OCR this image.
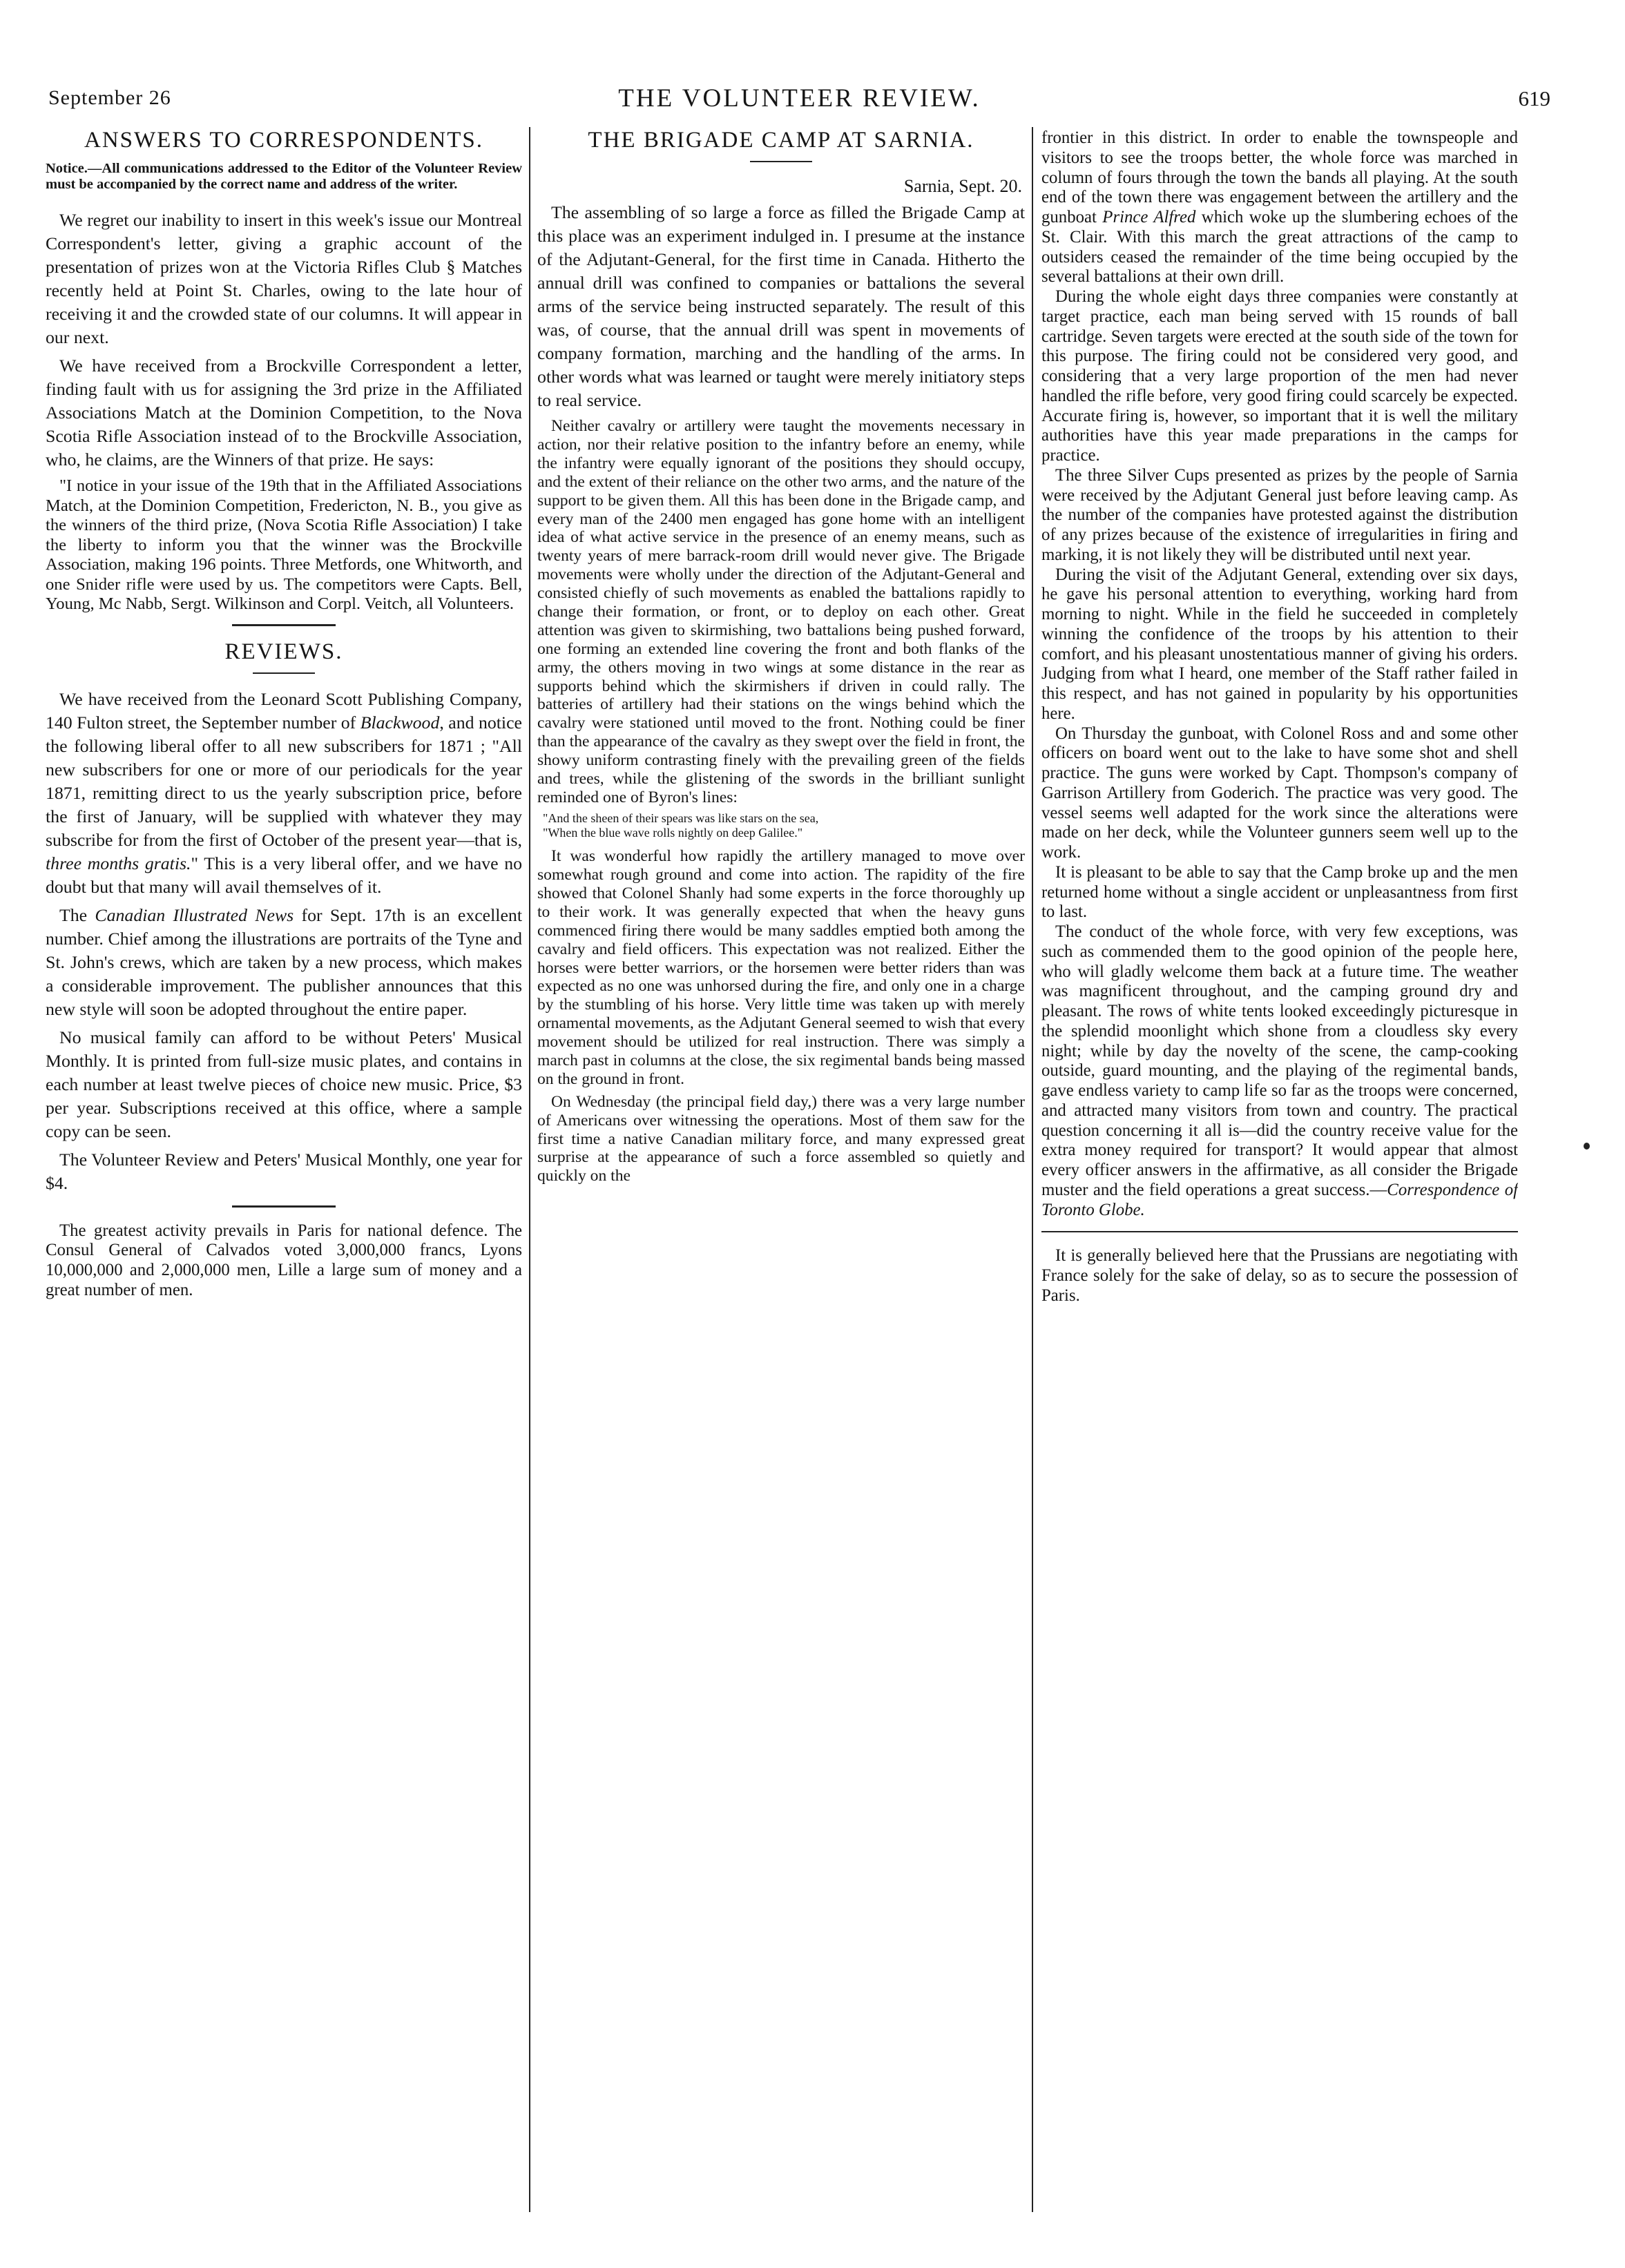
September 26	THE VOLUNTEER REVIEW.	619
ANSWERS TO CORRESPONDENTS.

Notice.—All communications addressed to the Editor of the Volunteer Review must be accompanied by the correct name and address of the writer.

We regret our inability to insert in this week's issue our Montreal Correspondent's letter, giving a graphic account of the presentation of prizes won at the Victoria Rifles Club § Matches recently held at Point St. Charles, owing to the late hour of receiving it and the crowded state of our columns. It will appear in our next.

We have received from a Brockville Correspondent a letter, finding fault with us for assigning the 3rd prize in the Affiliated Associations Match at the Dominion Competition, to the Nova Scotia Rifle Association instead of to the Brockville Association, who, he claims, are the Winners of that prize. He says:

"I notice in your issue of the 19th that in the Affiliated Associations Match, at the Dominion Competition, Fredericton, N. B., you give as the winners of the third prize, (Nova Scotia Rifle Association) I take the liberty to inform you that the winner was the Brockville Association, making 196 points. Three Metfords, one Whitworth, and one Snider rifle were used by us. The competitors were Capts. Bell, Young, Mc Nabb, Sergt. Wilkinson and Corpl. Veitch, all Volunteers.

REVIEWS.

We have received from the Leonard Scott Publishing Company, 140 Fulton street, the September number of Blackwood, and notice the following liberal offer to all new subscribers for 1871 ; "All new subscribers for one or more of our periodicals for the year 1871, remitting direct to us the yearly subscription price, before the first of January, will be supplied with whatever they may subscribe for from the first of October of the present year—that is, three months gratis." This is a very liberal offer, and we have no doubt but that many will avail themselves of it.

The Canadian Illustrated News for Sept. 17th is an excellent number. Chief among the illustrations are portraits of the Tyne and St. John's crews, which are taken by a new process, which makes a considerable improvement. The publisher announces that this new style will soon be adopted throughout the entire paper.

No musical family can afford to be without Peters' Musical Monthly. It is printed from full-size music plates, and contains in each number at least twelve pieces of choice new music. Price, $3 per year. Subscriptions received at this office, where a sample copy can be seen.

The Volunteer Review and Peters' Musical Monthly, one year for $4.

The greatest activity prevails in Paris for national defence. The Consul General of Calvados voted 3,000,000 francs, Lyons 10,000,000 and 2,000,000 men, Lille a large sum of money and a great number of men.

THE BRIGADE CAMP AT SARNIA.
Sarnia, Sept. 20.

The assembling of so large a force as filled the Brigade Camp at this place was an experiment indulged in. I presume at the instance of the Adjutant-General, for the first time in Canada. Hitherto the annual drill was confined to companies or battalions the several arms of the service being instructed separately. The result of this was, of course, that the annual drill was spent in movements of company formation, marching and the handling of the arms. In other words what was learned or taught were merely initiatory steps to real service.

Neither cavalry or artillery were taught the movements necessary in action, nor their relative position to the infantry before an enemy, while the infantry were equally ignorant of the positions they should occupy, and the extent of their reliance on the other two arms, and the nature of the support to be given them. All this has been done in the Brigade camp, and every man of the 2400 men engaged has gone home with an intelligent idea of what active service in the presence of an enemy means, such as twenty years of mere barrack-room drill would never give. The Brigade movements were wholly under the direction of the Adjutant-General and consisted chiefly of such movements as enabled the battalions rapidly to change their formation, or front, or to deploy on each other. Great attention was given to skirmishing, two battalions being pushed forward, one forming an extended line covering the front and both flanks of the army, the others moving in two wings at some distance in the rear as supports behind which the skirmishers if driven in could rally. The batteries of artillery had their stations on the wings behind which the cavalry were stationed until moved to the front. Nothing could be finer than the appearance of the cavalry as they swept over the field in front, the showy uniform contrasting finely with the prevailing green of the fields and trees, while the glistening of the swords in the brilliant sunlight reminded one of Byron's lines:

"And the sheen of their spears was like stars on the sea,
"When the blue wave rolls nightly on deep Galilee."

It was wonderful how rapidly the artillery managed to move over somewhat rough ground and come into action. The rapidity of the fire showed that Colonel Shanly had some experts in the force thoroughly up to their work. It was generally expected that when the heavy guns commenced firing there would be many saddles emptied both among the cavalry and field officers. This expectation was not realized. Either the horses were better warriors, or the horsemen were better riders than was expected as no one was unhorsed during the fire, and only one in a charge by the stumbling of his horse. Very little time was taken up with merely ornamental movements, as the Adjutant General seemed to wish that every movement should be utilized for real instruction. There was simply a march past in columns at the close, the six regimental bands being massed on the ground in front.

On Wednesday (the principal field day,) there was a very large number of Americans over witnessing the operations. Most of them saw for the first time a native Canadian military force, and many expressed great surprise at the appearance of such a force assembled so quietly and quickly on the

frontier in this district. In order to enable the townspeople and visitors to see the troops better, the whole force was marched in column of fours through the town the bands all playing. At the south end of the town there was engagement between the artillery and the gunboat Prince Alfred which woke up the slumbering echoes of the St. Clair. With this march the great attractions of the camp to outsiders ceased the remainder of the time being occupied by the several battalions at their own drill.

During the whole eight days three companies were constantly at target practice, each man being served with 15 rounds of ball cartridge. Seven targets were erected at the south side of the town for this purpose. The firing could not be considered very good, and considering that a very large proportion of the men had never handled the rifle before, very good firing could scarcely be expected. Accurate firing is, however, so important that it is well the military authorities have this year made preparations in the camps for practice.

The three Silver Cups presented as prizes by the people of Sarnia were received by the Adjutant General just before leaving camp. As the number of the companies have protested against the distribution of any prizes because of the existence of irregularities in firing and marking, it is not likely they will be distributed until next year.

During the visit of the Adjutant General, extending over six days, he gave his personal attention to everything, working hard from morning to night. While in the field he succeeded in completely winning the confidence of the troops by his attention to their comfort, and his pleasant unostentatious manner of giving his orders. Judging from what I heard, one member of the Staff rather failed in this respect, and has not gained in popularity by his opportunities here.

On Thursday the gunboat, with Colonel Ross and and some other officers on board went out to the lake to have some shot and shell practice. The guns were worked by Capt. Thompson's company of Garrison Artillery from Goderich. The practice was very good. The vessel seems well adapted for the work since the alterations were made on her deck, while the Volunteer gunners seem well up to the work.

It is pleasant to be able to say that the Camp broke up and the men returned home without a single accident or unpleasantness from first to last.

The conduct of the whole force, with very few exceptions, was such as commended them to the good opinion of the people here, who will gladly welcome them back at a future time. The weather was magnificent throughout, and the camping ground dry and pleasant. The rows of white tents looked exceedingly picturesque in the splendid moonlight which shone from a cloudless sky every night; while by day the novelty of the scene, the camp-cooking outside, guard mounting, and the playing of the regimental bands, gave endless variety to camp life so far as the troops were concerned, and attracted many visitors from town and country. The practical question concerning it all is—did the country receive value for the extra money required for transport? It would appear that almost every officer answers in the affirmative, as all consider the Brigade muster and the field operations a great success.—Correspondence of Toronto Globe.

It is generally believed here that the Prussians are negotiating with France solely for the sake of delay, so as to secure the possession of Paris.
